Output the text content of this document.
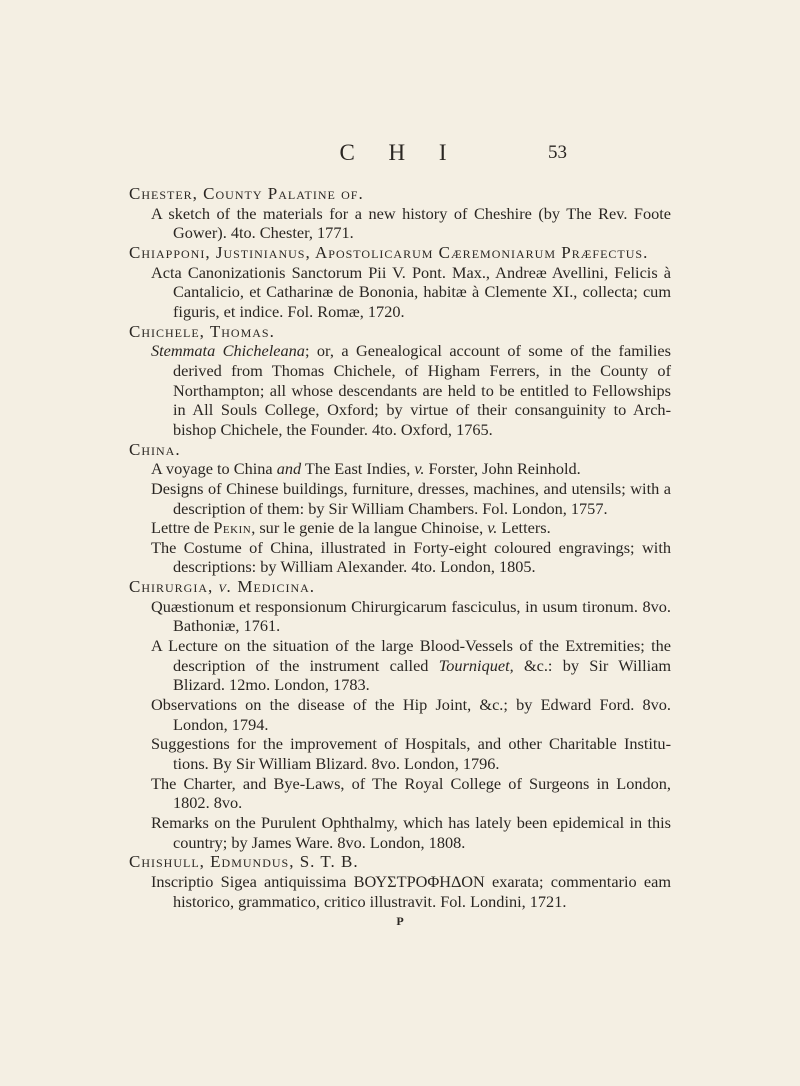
C H I	53

Chester, County Palatine of.

A sketch of the materials for a new history of Cheshire (by The Rev. Foote Gower). 4to. Chester, 1771.

Chiapponi, Justinianus, Apostolicarum Cæremoniarum Præfectus.

Acta Canonizationis Sanctorum Pii V. Pont. Max., Andreæ Avellini, Felicis à Cantalicio, et Catharinæ de Bononia, habitæ à Clemente XI., collecta; cum figuris, et indice. Fol. Romæ, 1720.

Chichele, Thomas.

Stemmata Chicheleana; or, a Genealogical account of some of the families derived from Thomas Chichele, of Higham Ferrers, in the County of Northampton; all whose descendants are held to be entitled to Fellowships in All Souls College, Oxford; by virtue of their consanguinity to Arch-bishop Chichele, the Founder. 4to. Oxford, 1765.

China.

A voyage to China and The East Indies, v. Forster, John Reinhold.

Designs of Chinese buildings, furniture, dresses, machines, and utensils; with a description of them: by Sir William Chambers. Fol. London, 1757.

Lettre de Pekin, sur le genie de la langue Chinoise, v. Letters.

The Costume of China, illustrated in Forty-eight coloured engravings; with descriptions: by William Alexander. 4to. London, 1805.

Chirurgia, v. Medicina.

Quæstionum et responsionum Chirurgicarum fasciculus, in usum tironum. 8vo. Bathoniæ, 1761.

A Lecture on the situation of the large Blood-Vessels of the Extremities; the description of the instrument called Tourniquet, &c.: by Sir William Blizard. 12mo. London, 1783.

Observations on the disease of the Hip Joint, &c.; by Edward Ford. 8vo. London, 1794.

Suggestions for the improvement of Hospitals, and other Charitable Institu-tions. By Sir William Blizard. 8vo. London, 1796.

The Charter, and Bye-Laws, of The Royal College of Surgeons in London, 1802. 8vo.

Remarks on the Purulent Ophthalmy, which has lately been epidemical in this country; by James Ware. 8vo. London, 1808.

Chishull, Edmundus, S. T. B.

Inscriptio Sigea antiquissima ΒΟΥΣΤΡΟΦΗΔΟΝ exarata; commentario eam historico, grammatico, critico illustravit. Fol. Londini, 1721.

P
